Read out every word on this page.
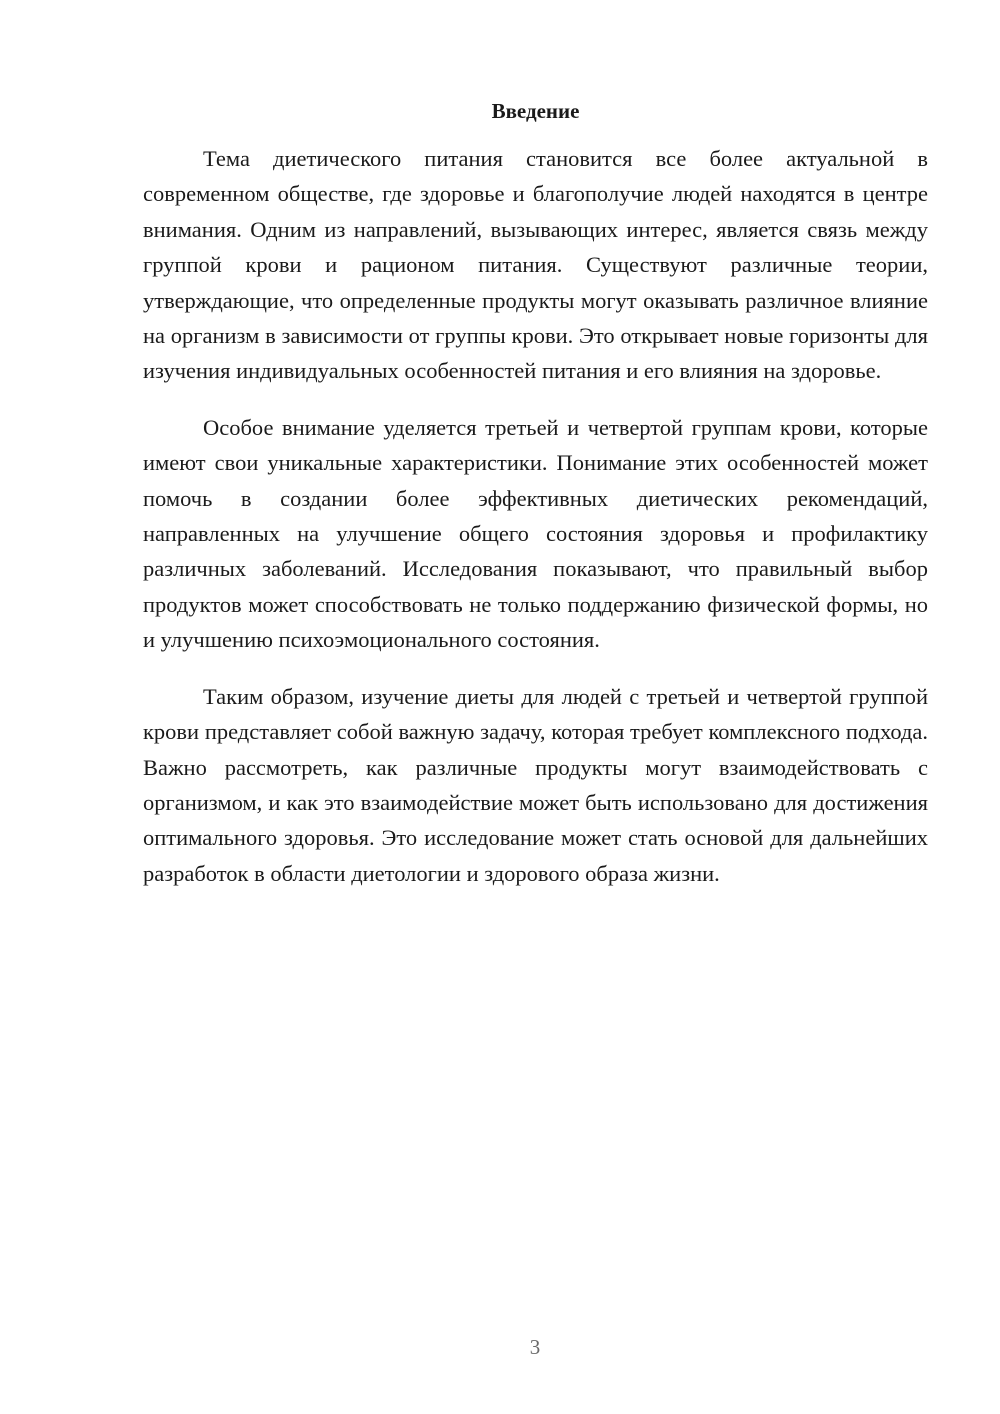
Введение

Тема диетического питания становится все более актуальной в современном обществе, где здоровье и благополучие людей находятся в центре внимания. Одним из направлений, вызывающих интерес, является связь между группой крови и рационом питания. Существуют различные теории, утверждающие, что определенные продукты могут оказывать различное влияние на организм в зависимости от группы крови. Это открывает новые горизонты для изучения индивидуальных особенностей питания и его влияния на здоровье.

Особое внимание уделяется третьей и четвертой группам крови, которые имеют свои уникальные характеристики. Понимание этих особенностей может помочь в создании более эффективных диетических рекомендаций, направленных на улучшение общего состояния здоровья и профилактику различных заболеваний. Исследования показывают, что правильный выбор продуктов может способствовать не только поддержанию физической формы, но и улучшению психоэмоционального состояния.

Таким образом, изучение диеты для людей с третьей и четвертой группой крови представляет собой важную задачу, которая требует комплексного подхода. Важно рассмотреть, как различные продукты могут взаимодействовать с организмом, и как это взаимодействие может быть использовано для достижения оптимального здоровья. Это исследование может стать основой для дальнейших разработок в области диетологии и здорового образа жизни.

3
